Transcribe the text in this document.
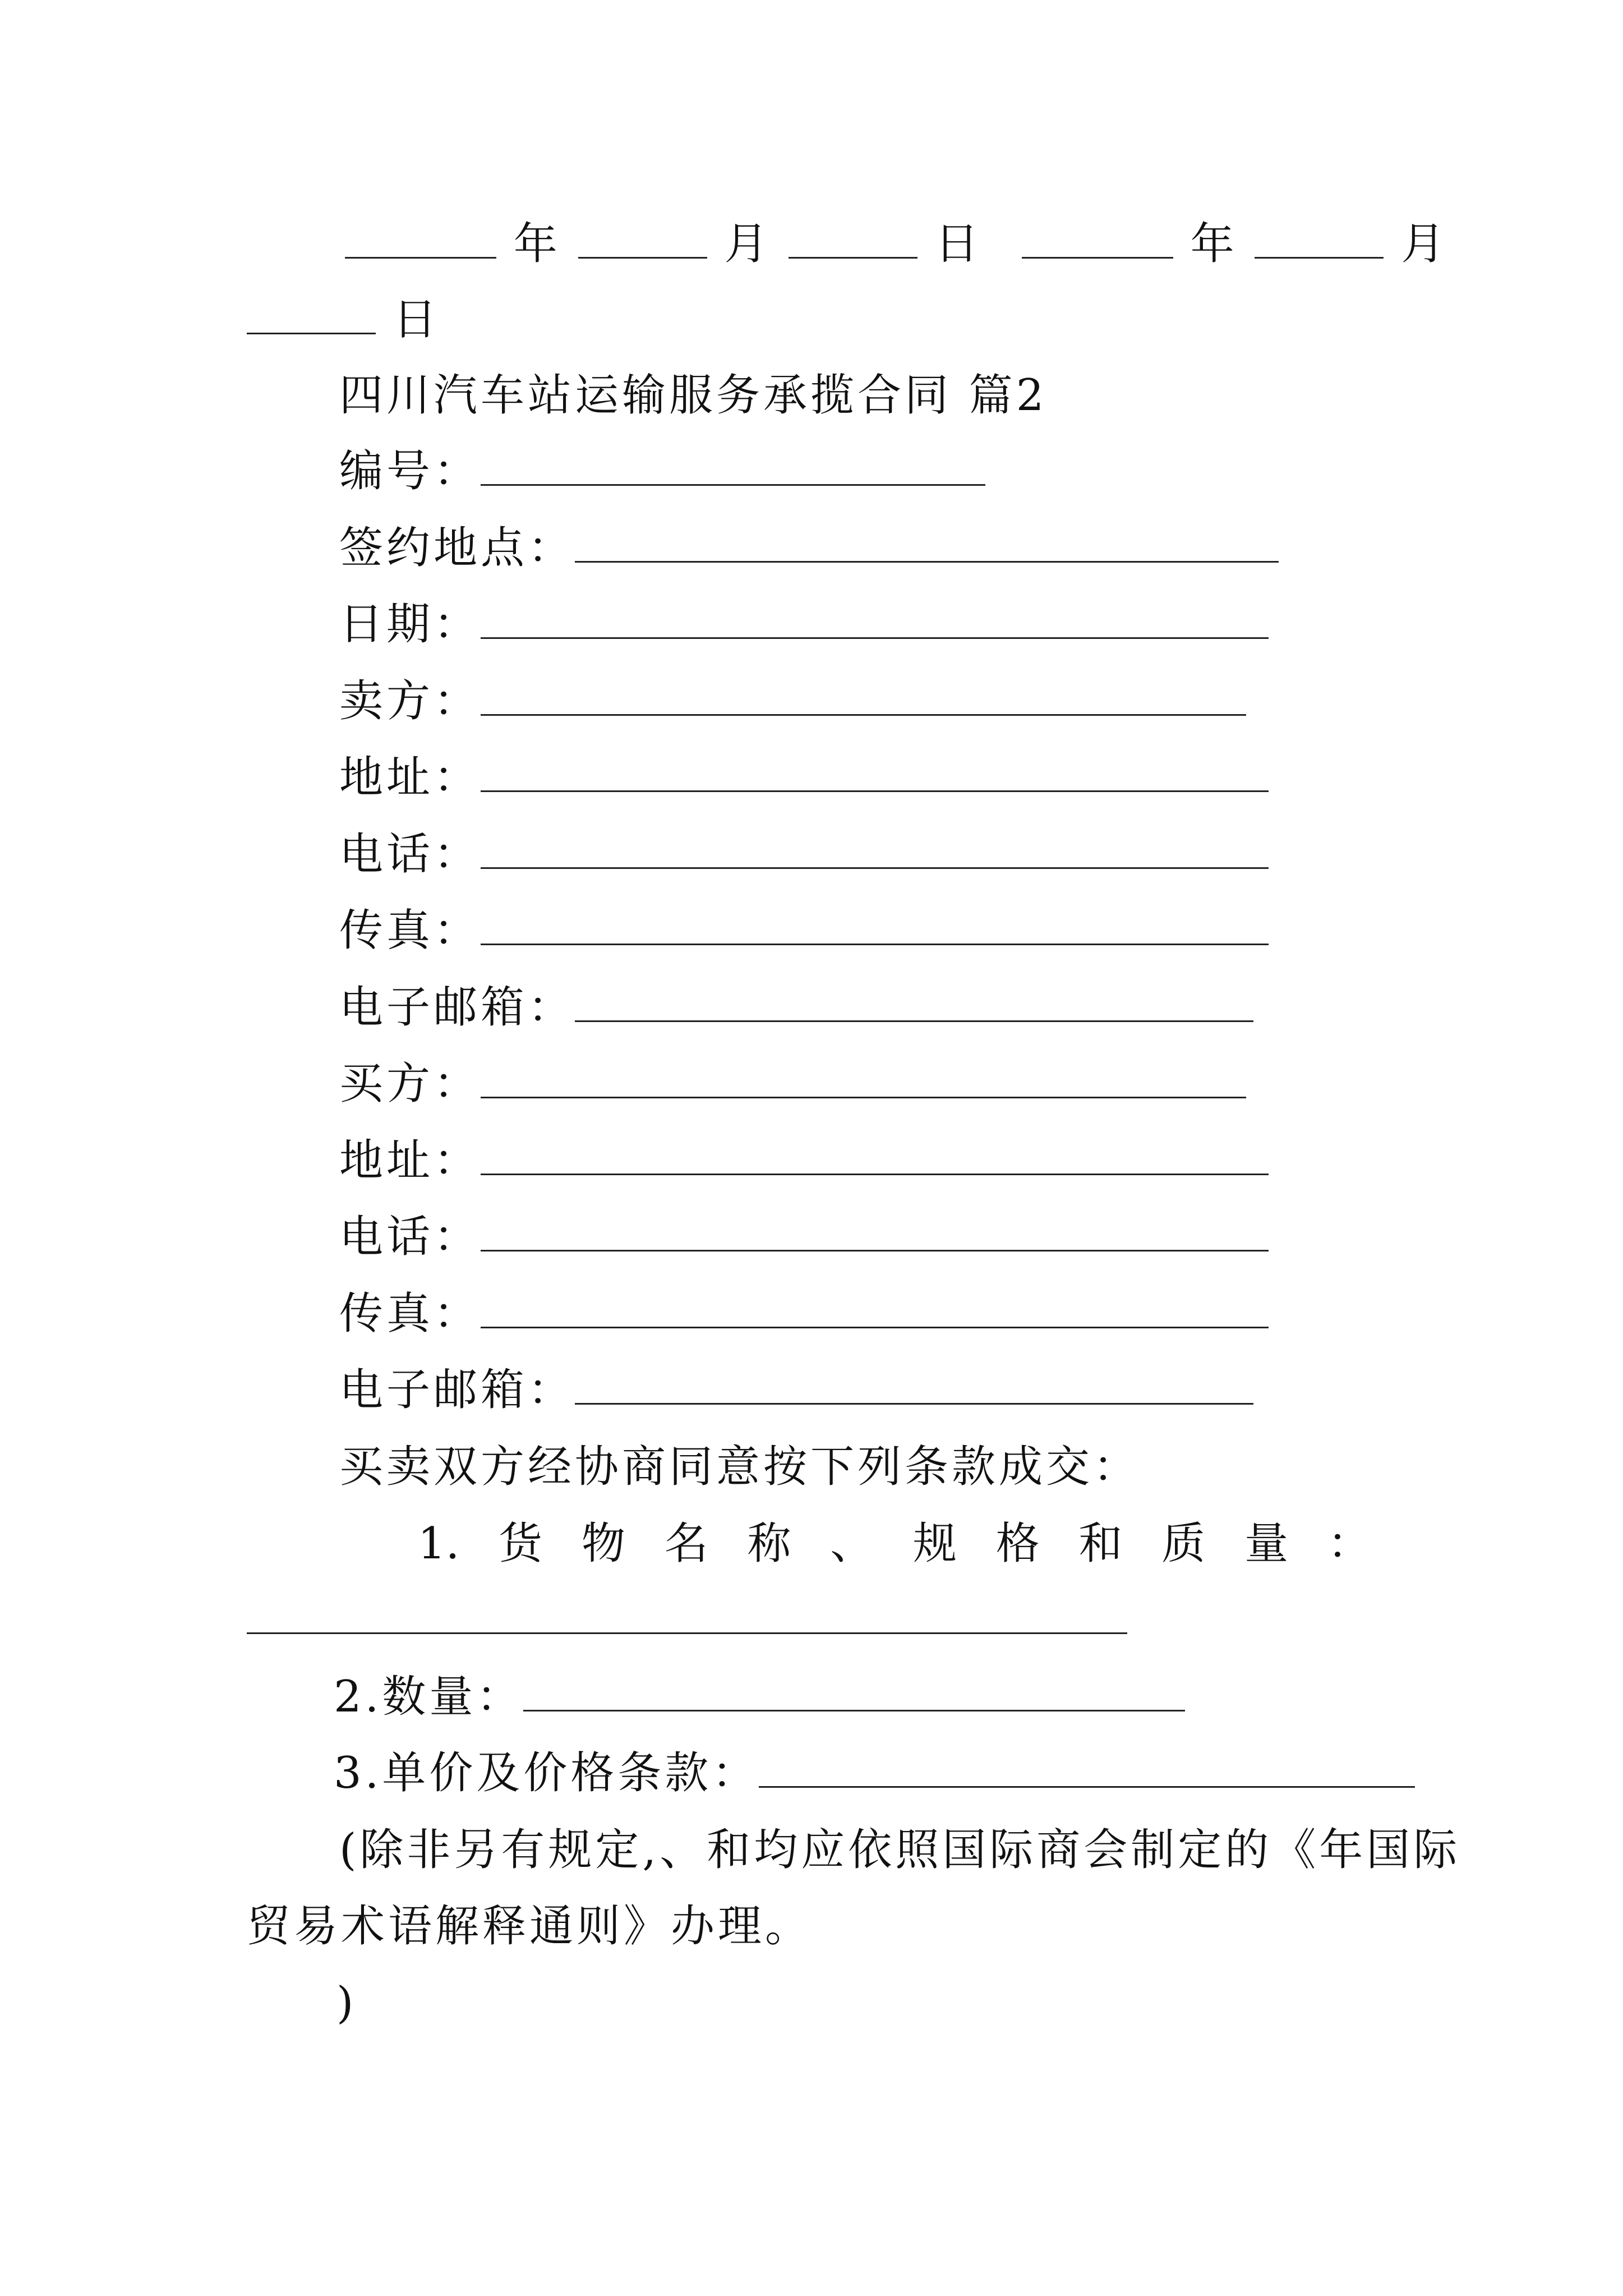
年	月	日	年	月
日
四川汽车站运输服务承揽合同 篇2
编号：
签约地点：
日期：
卖方：
地址：
电话：
传真：
电子邮箱：
买方：
地址：
电话：
传真：
电子邮箱：
买卖双方经协商同意按下列条款成交：
1. 货 物 名 称 、 规 格 和 质 量 ：
2.数量：
3.单价及价格条款：
(除非另有规定,、和均应依照国际商会制定的《年国际
贸易术语解释通则》办理。
)
